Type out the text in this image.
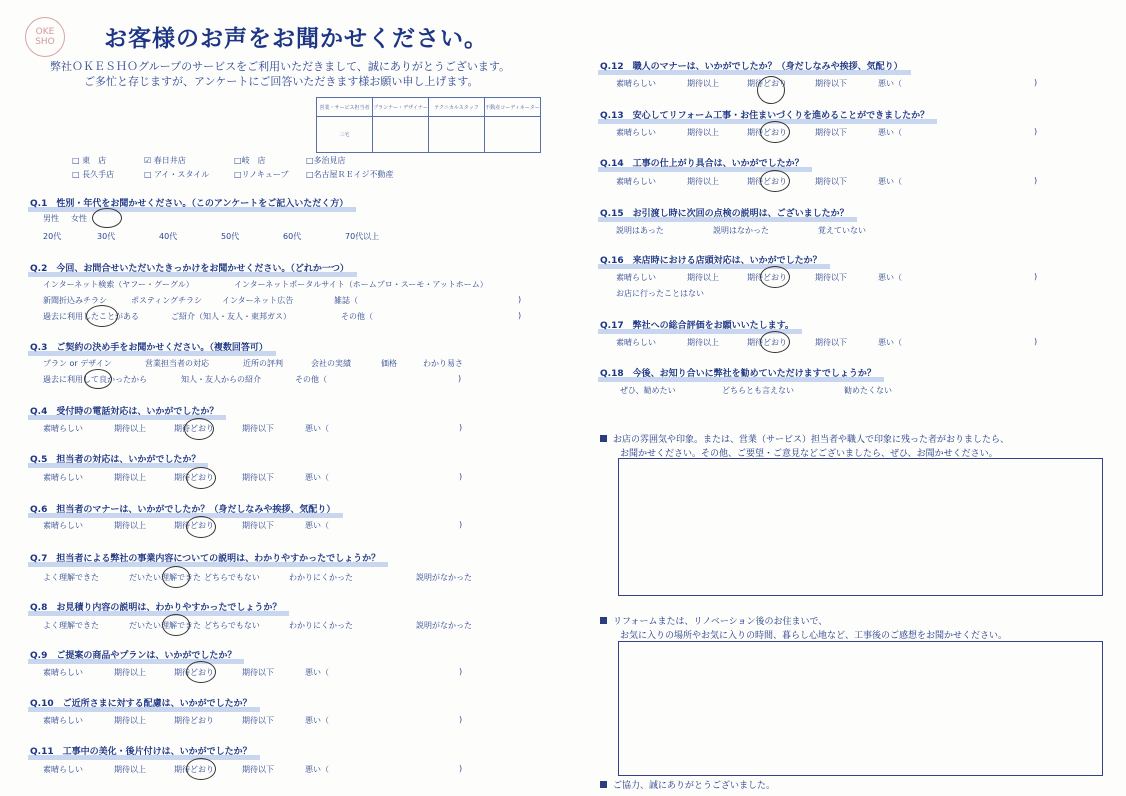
OKE SHO	お客様のお声をお聞かせください。
弊社ＯＫＥＳＨＯグループのサービスをご利用いただきまして、誠にありがとうございます。
ご多忙と存じますが、アンケートにご回答いただきます様お願い申し上げます。
営業・サービス担当者	プランナー・デザイナー	テクニカルスタッフ	不動産コーディネーター
三宅			
□ 東　店	☑ 春日井店	□岐　店	□多治見店
□ 長久手店	□ アイ・スタイル	□リノキューブ	□名古屋ＲＥイジ不動産
Q.1　性別・年代をお聞かせください。（このアンケートをご記入いただく方）
男性 女性
20代	30代	40代	50代	60代	70代以上
Q.2　今回、お問合せいただいたきっかけをお聞かせください。（どれか一つ）
インターネット検索（ヤフー・グーグル）	インターネットポータルサイト（ホームプロ・スーモ・アットホーム）
新聞折込みチラシ	ポスティングチラシ インターネット広告	雑誌（	)
過去に利用したことがある	ご紹介（知人・友人・東邦ガス）	その他（	)
Q.3　ご契約の決め手をお聞かせください。（複数回答可）
プラン or デザイン	営業担当者の対応	近所の評判	会社の実績	価格	わかり易さ
過去に利用して良かったから	知人・友人からの紹介	その他（	)
Q.4　受付時の電話対応は、いかがでしたか？
素晴らしい	期待以上	期待どおり	期待以下	悪い（	)
Q.5　担当者の対応は、いかがでしたか？
素晴らしい	期待以上	期待どおり	期待以下	悪い（	)
Q.6　担当者のマナーは、いかがでしたか？（身だしなみや挨拶、気配り）
素晴らしい	期待以上	期待どおり	期待以下	悪い（	)
Q.7　担当者による弊社の事業内容についての説明は、わかりやすかったでしょうか？
よく理解できた	だいたい理解できた どちらでもない	わかりにくかった	説明がなかった
Q.8　お見積り内容の説明は、わかりやすかったでしょうか？
よく理解できた	だいたい理解できた どちらでもない	わかりにくかった	説明がなかった
Q.9　ご提案の商品やプランは、いかがでしたか？
素晴らしい	期待以上	期待どおり	期待以下	悪い（	)
Q.10　ご近所さまに対する配慮は、いかがでしたか？
素晴らしい	期待以上	期待どおり	期待以下	悪い（	)
Q.11　工事中の美化・後片付けは、いかがでしたか？
素晴らしい	期待以上	期待どおり	期待以下	悪い（	)
Q.12　職人のマナーは、いかがでしたか？（身だしなみや挨拶、気配り）
素晴らしい	期待以上	期待どおり	期待以下	悪い（	)
Q.13　安心してリフォーム工事・お住まいづくりを進めることができましたか？
素晴らしい	期待以上	期待どおり	期待以下	悪い（	)
Q.14　工事の仕上がり具合は、いかがでしたか？
素晴らしい	期待以上	期待どおり	期待以下	悪い（	)
Q.15　お引渡し時に次回の点検の説明は、ございましたか？
説明はあった	説明はなかった	覚えていない
Q.16　来店時における店頭対応は、いかがでしたか？
素晴らしい	期待以上	期待どおり	期待以下	悪い（	)
お店に行ったことはない
Q.17　弊社への総合評価をお願いいたします。
素晴らしい	期待以上	期待どおり	期待以下	悪い（	)
Q.18　今後、お知り合いに弊社を勧めていただけますでしょうか？
ぜひ、勧めたい	どちらとも言えない	勧めたくない
お店の雰囲気や印象。または、営業（サービス）担当者や職人で印象に残った者がおりましたら、
お聞かせください。その他、ご要望・ご意見などございましたら、ぜひ、お聞かせください。
リフォームまたは、リノベーション後のお住まいで、
お気に入りの場所やお気に入りの時間、暮らし心地など、工事後のご感想をお聞かせください。
ご協力、誠にありがとうございました。
